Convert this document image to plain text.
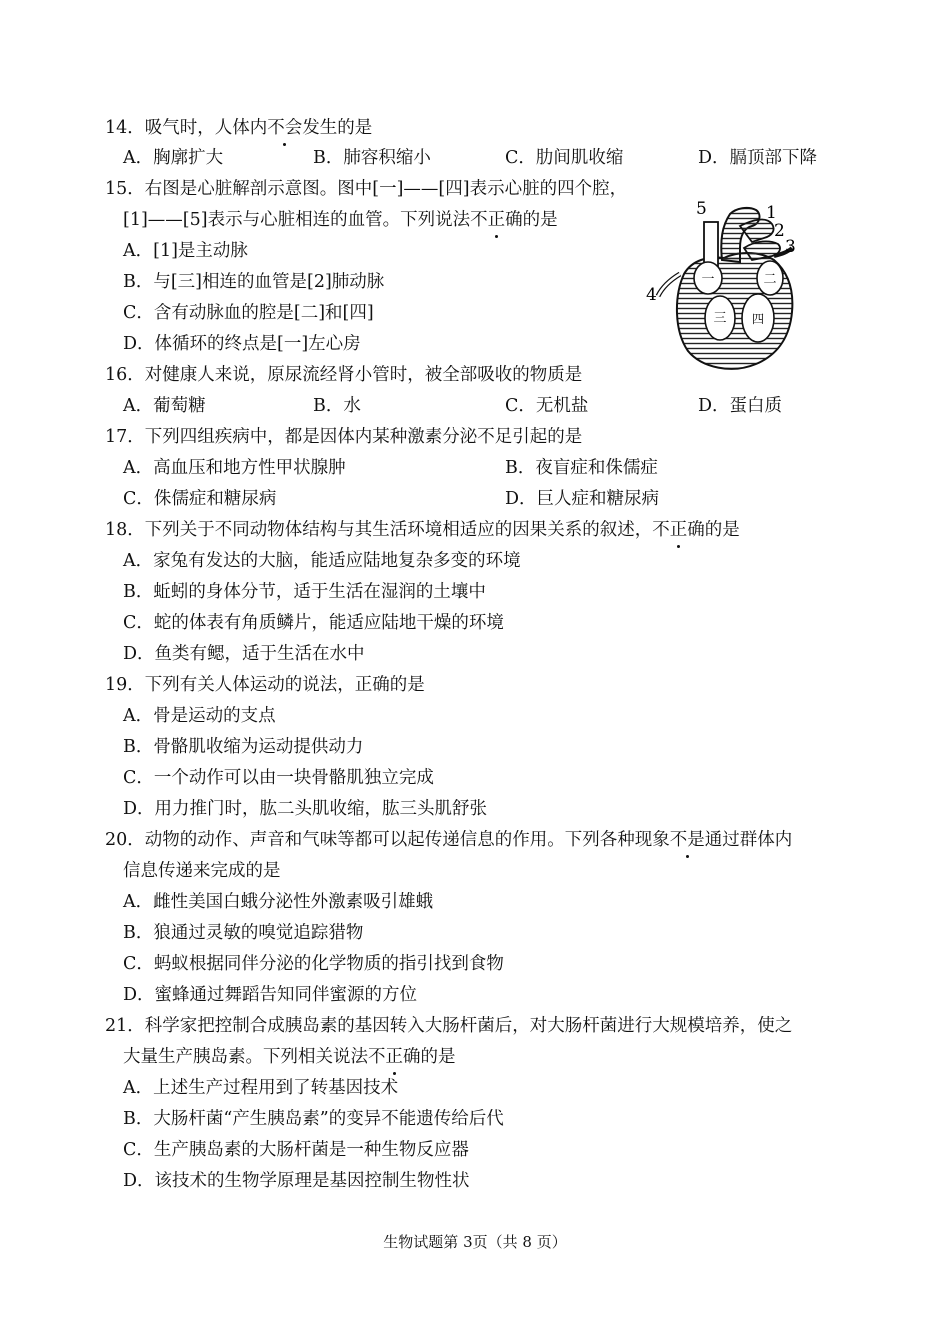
14．吸气时，人体内不会发生的是
A．胸廓扩大	B．肺容积缩小	C．肋间肌收缩	D．膈顶部下降
15．右图是心脏解剖示意图。图中[一]——[四]表示心脏的四个腔，
[1]——[5]表示与心脏相连的血管。下列说法不正确的是
A．[1]是主动脉
B．与[三]相连的血管是[2]肺动脉
C．含有动脉血的腔是[二]和[四]
D．体循环的终点是[一]左心房
一	二
三 四
1
2
3
4
5
16．对健康人来说，原尿流经肾小管时，被全部吸收的物质是
A．葡萄糖	B．水	C．无机盐	D．蛋白质
17．下列四组疾病中，都是因体内某种激素分泌不足引起的是
A．高血压和地方性甲状腺肿	B．夜盲症和侏儒症
C．侏儒症和糖尿病	D．巨人症和糖尿病
18．下列关于不同动物体结构与其生活环境相适应的因果关系的叙述，不正确的是
A．家兔有发达的大脑，能适应陆地复杂多变的环境
B．蚯蚓的身体分节，适于生活在湿润的土壤中
C．蛇的体表有角质鳞片，能适应陆地干燥的环境
D．鱼类有鳃，适于生活在水中
19．下列有关人体运动的说法，正确的是
A．骨是运动的支点
B．骨骼肌收缩为运动提供动力
C．一个动作可以由一块骨骼肌独立完成
D．用力推门时，肱二头肌收缩，肱三头肌舒张
20．动物的动作、声音和气味等都可以起传递信息的作用。下列各种现象不是通过群体内
信息传递来完成的是
A．雌性美国白蛾分泌性外激素吸引雄蛾
B．狼通过灵敏的嗅觉追踪猎物
C．蚂蚁根据同伴分泌的化学物质的指引找到食物
D．蜜蜂通过舞蹈告知同伴蜜源的方位
21．科学家把控制合成胰岛素的基因转入大肠杆菌后，对大肠杆菌进行大规模培养，使之
大量生产胰岛素。下列相关说法不正确的是
A．上述生产过程用到了转基因技术
B．大肠杆菌“产生胰岛素”的变异不能遗传给后代
C．生产胰岛素的大肠杆菌是一种生物反应器
D．该技术的生物学原理是基因控制生物性状
生物试题第 3页（共 8 页）
